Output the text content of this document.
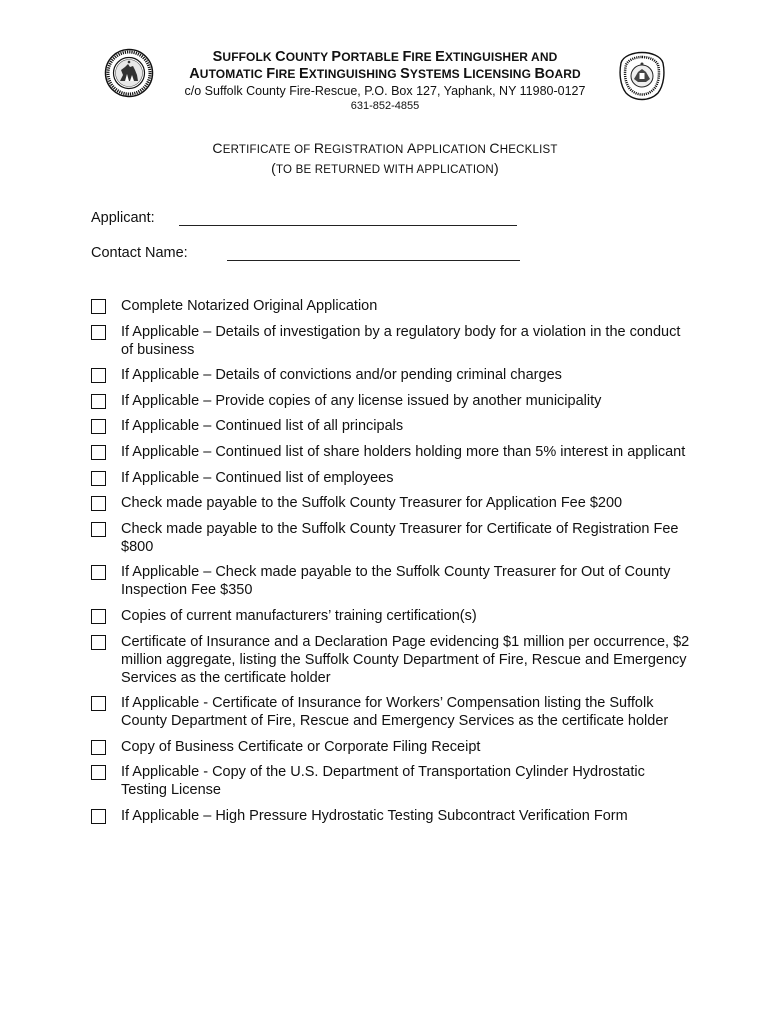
SUFFOLK COUNTY PORTABLE FIRE EXTINGUISHER AND
AUTOMATIC FIRE EXTINGUISHING SYSTEMS LICENSING BOARD
c/o Suffolk County Fire-Rescue, P.O. Box 127, Yaphank, NY 11980-0127
631-852-4855
CERTIFICATE OF REGISTRATION APPLICATION CHECKLIST
(TO BE RETURNED WITH APPLICATION)
Applicant:
Contact Name:
Complete Notarized Original Application
If Applicable – Details of investigation by a regulatory body for a violation in the conduct of business
If Applicable – Details of convictions and/or pending criminal charges
If Applicable – Provide copies of any license issued by another municipality
If Applicable – Continued list of all principals
If Applicable – Continued list of share holders holding more than 5% interest in applicant
If Applicable – Continued list of employees
Check made payable to the Suffolk County Treasurer for Application Fee $200
Check made payable to the Suffolk County Treasurer for Certificate of Registration Fee $800
If Applicable – Check made payable to the Suffolk County Treasurer for Out of County Inspection Fee $350
Copies of current manufacturers’ training certification(s)
Certificate of Insurance and a Declaration Page evidencing $1 million per occurrence, $2 million aggregate, listing the Suffolk County Department of Fire, Rescue and Emergency Services as the certificate holder
If Applicable - Certificate of Insurance for Workers’ Compensation listing the Suffolk County Department of Fire, Rescue and Emergency Services as the certificate holder
Copy of Business Certificate or Corporate Filing Receipt
If Applicable - Copy of the U.S. Department of Transportation Cylinder Hydrostatic Testing License
If Applicable – High Pressure Hydrostatic Testing Subcontract Verification Form
